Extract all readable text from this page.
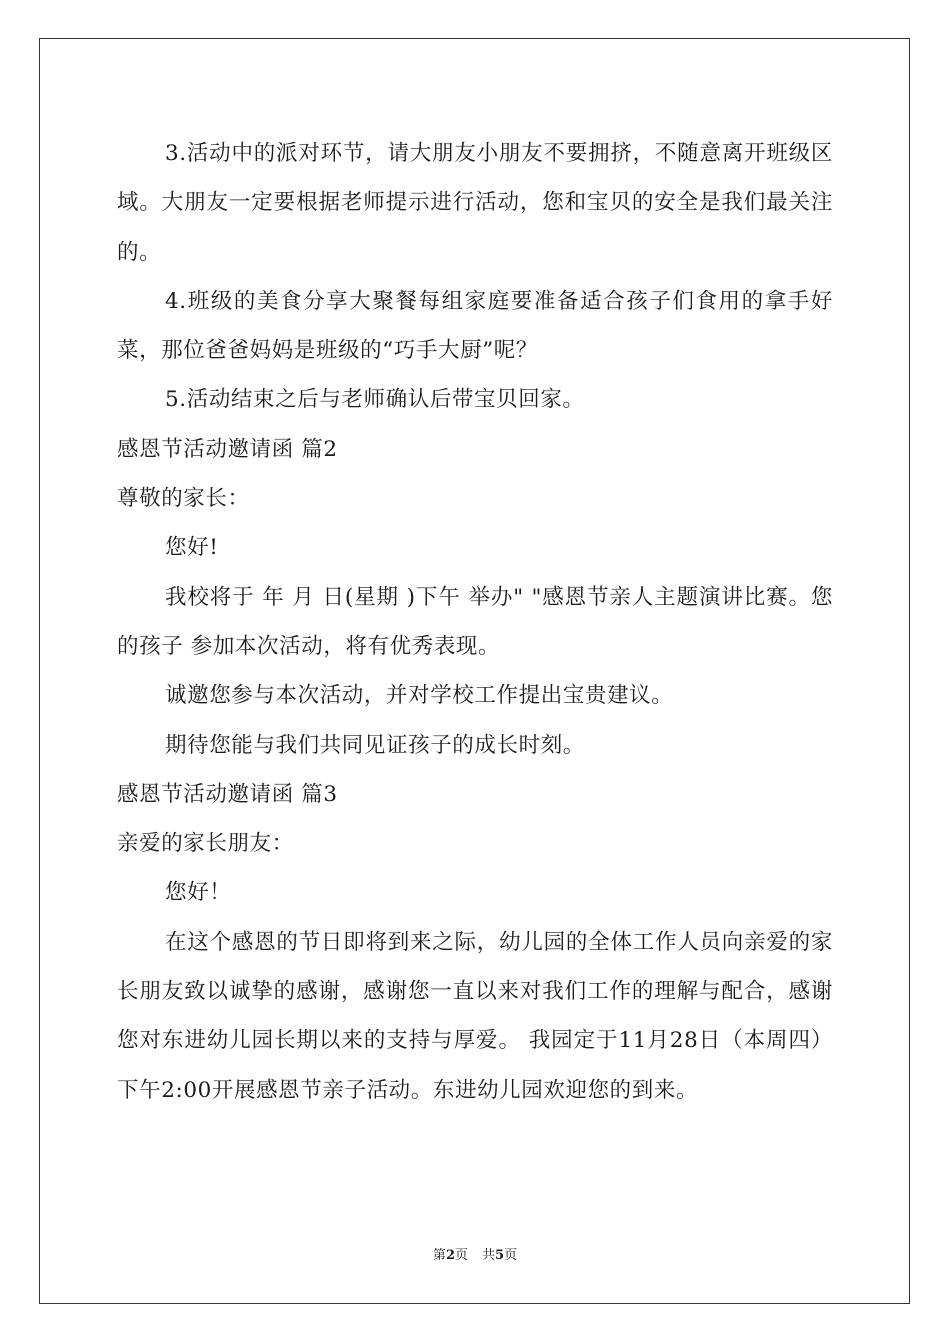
3.活动中的派对环节，请大朋友小朋友不要拥挤，不随意离开班级区域。大朋友一定要根据老师提示进行活动，您和宝贝的安全是我们最关注的。

4.班级的美食分享大聚餐每组家庭要准备适合孩子们食用的拿手好菜，那位爸爸妈妈是班级的“巧手大厨”呢？

5.活动结束之后与老师确认后带宝贝回家。

感恩节活动邀请函 篇2

尊敬的家长：

您好!

我校将于 年 月 日(星期 )下午 举办" "感恩节亲人主题演讲比赛。您的孩子 参加本次活动，将有优秀表现。

诚邀您参与本次活动，并对学校工作提出宝贵建议。

期待您能与我们共同见证孩子的成长时刻。

感恩节活动邀请函 篇3

亲爱的家长朋友：

您好！

在这个感恩的节日即将到来之际，幼儿园的全体工作人员向亲爱的家长朋友致以诚挚的感谢，感谢您一直以来对我们工作的理解与配合，感谢您对东进幼儿园长期以来的支持与厚爱。 我园定于11月28日（本周四）下午2:00开展感恩节亲子活动。东进幼儿园欢迎您的到来。

第2页 共5页
